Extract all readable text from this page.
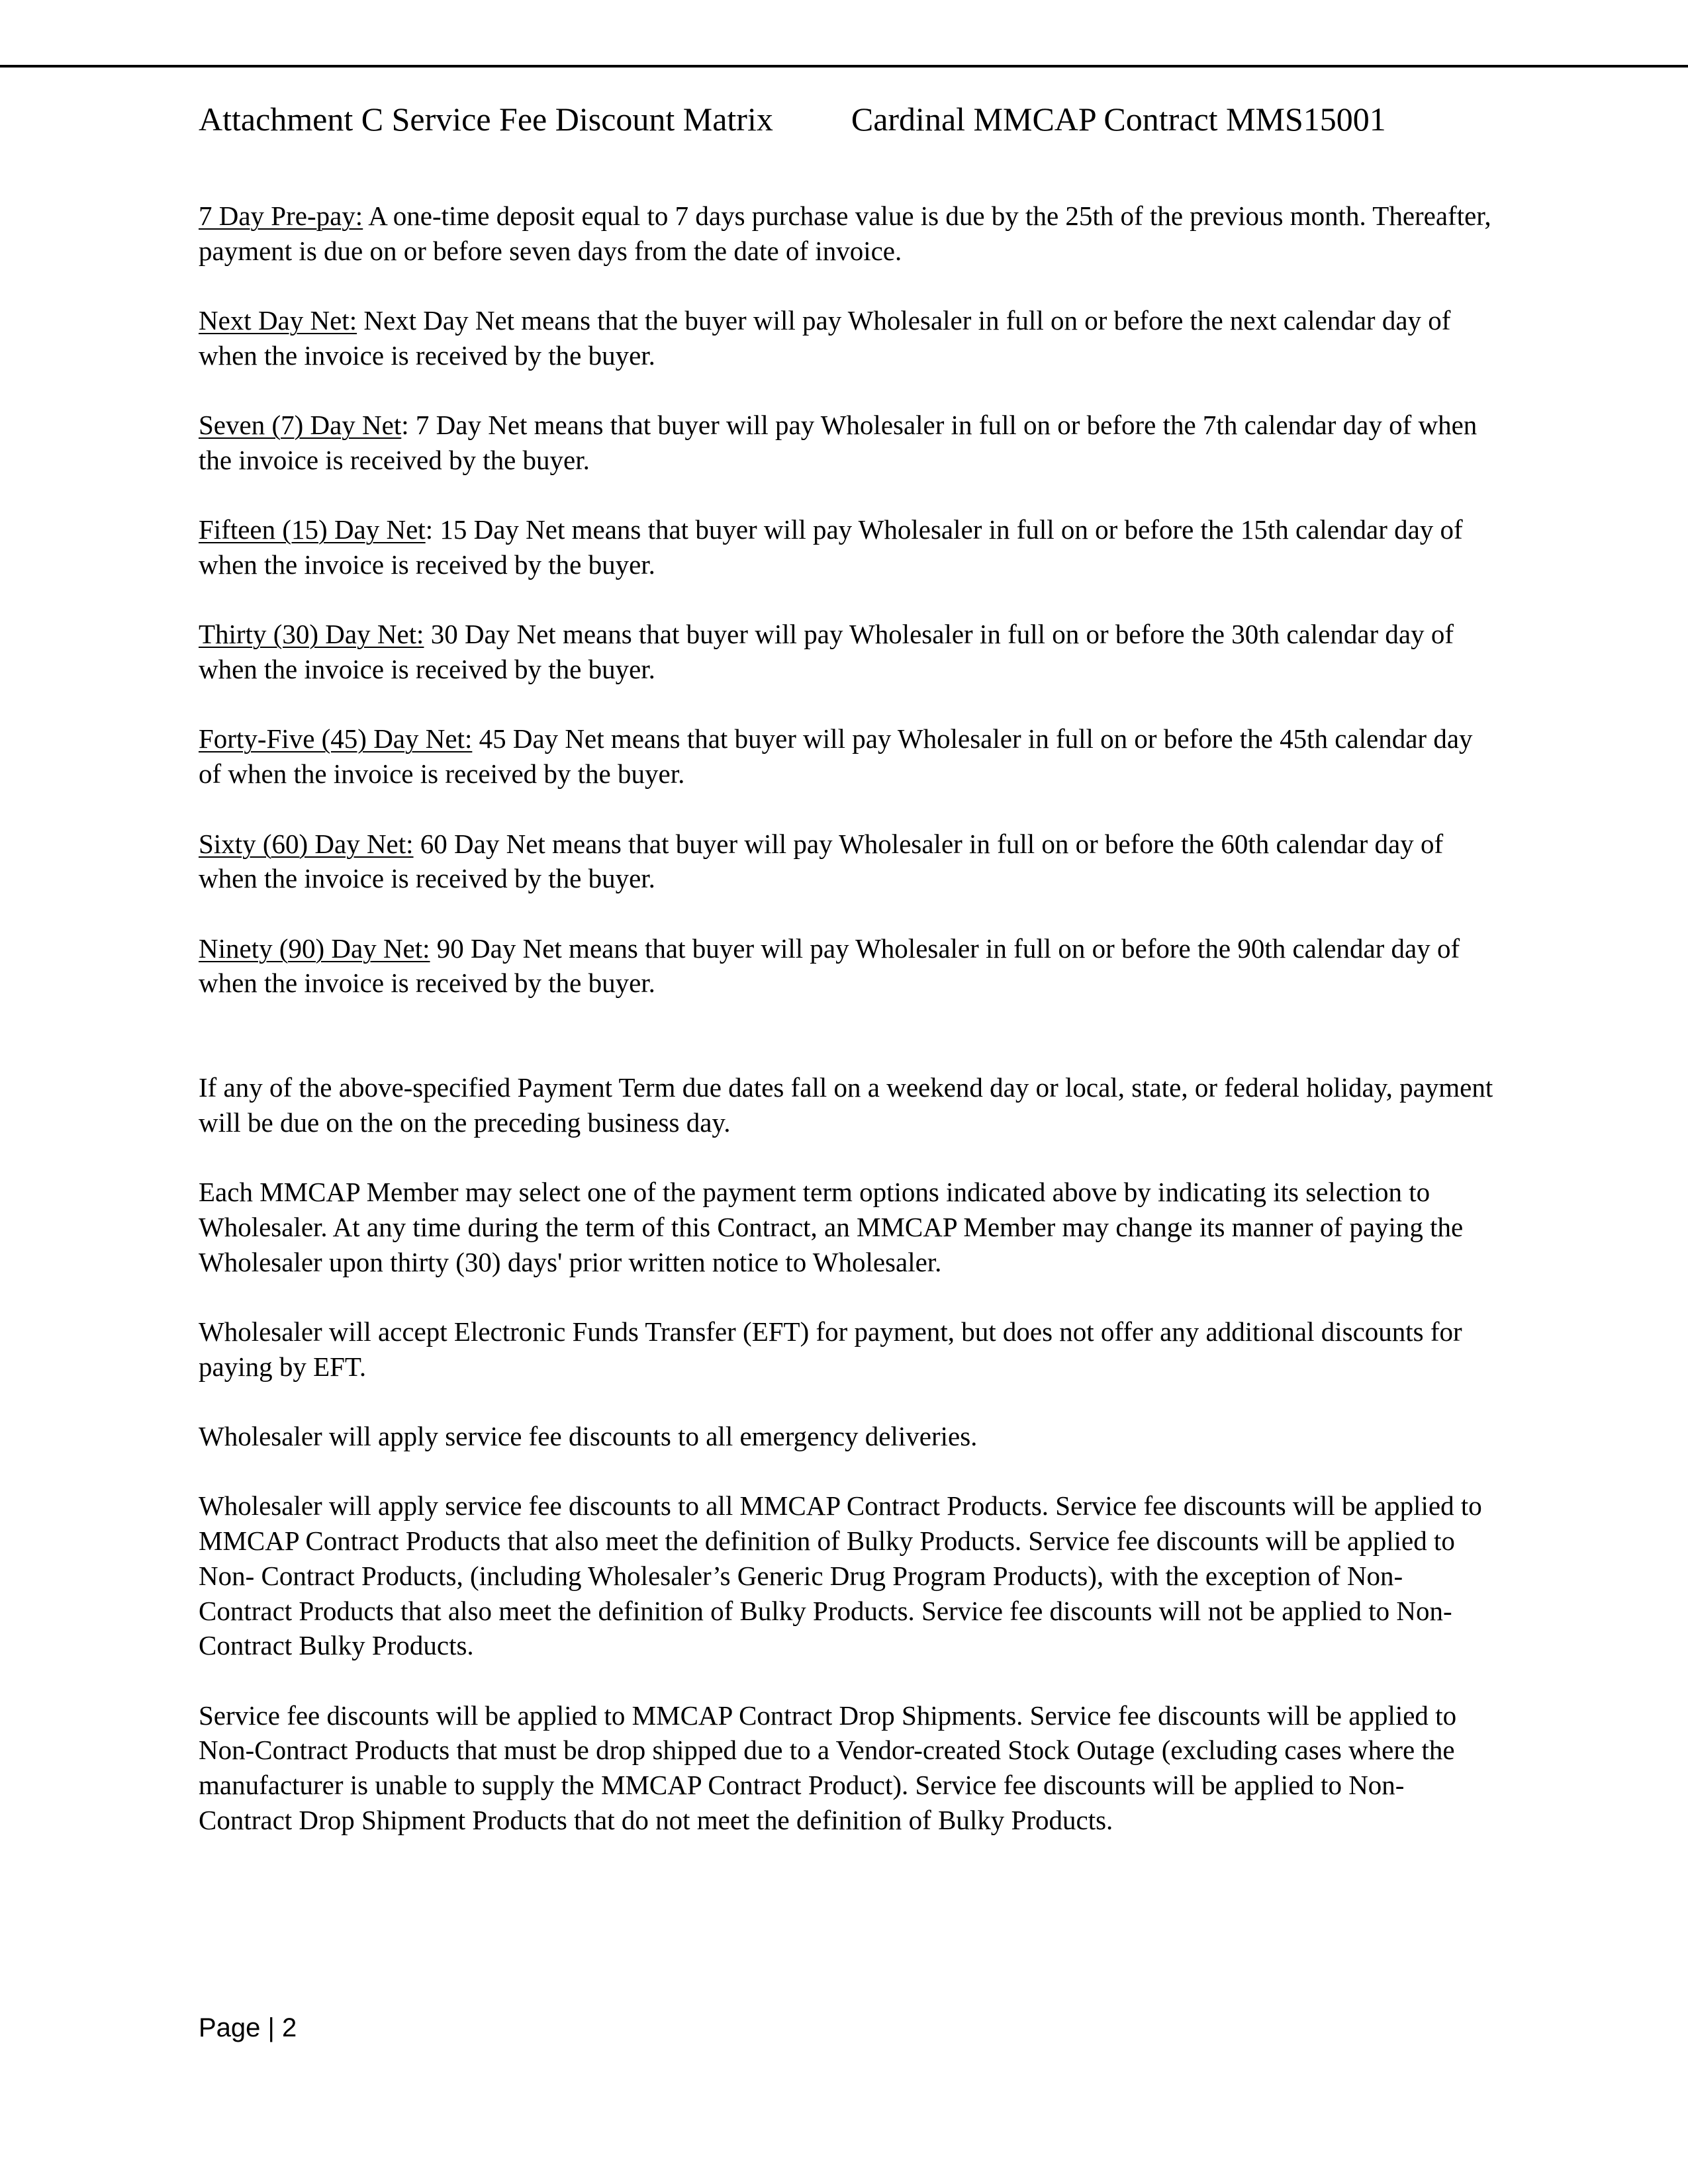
Attachment C Service Fee Discount Matrix Cardinal MMCAP Contract MMS15001

7 Day Pre-pay: A one-time deposit equal to 7 days purchase value is due by the 25th of the previous month. Thereafter, payment is due on or before seven days from the date of invoice.

Next Day Net: Next Day Net means that the buyer will pay Wholesaler in full on or before the next calendar day of when the invoice is received by the buyer.

Seven (7) Day Net: 7 Day Net means that buyer will pay Wholesaler in full on or before the 7th calendar day of when the invoice is received by the buyer.

Fifteen (15) Day Net: 15 Day Net means that buyer will pay Wholesaler in full on or before the 15th calendar day of when the invoice is received by the buyer.

Thirty (30) Day Net: 30 Day Net means that buyer will pay Wholesaler in full on or before the 30th calendar day of when the invoice is received by the buyer.

Forty-Five (45) Day Net: 45 Day Net means that buyer will pay Wholesaler in full on or before the 45th calendar day of when the invoice is received by the buyer.

Sixty (60) Day Net: 60 Day Net means that buyer will pay Wholesaler in full on or before the 60th calendar day of when the invoice is received by the buyer.

Ninety (90) Day Net: 90 Day Net means that buyer will pay Wholesaler in full on or before the 90th calendar day of when the invoice is received by the buyer.

If any of the above-specified Payment Term due dates fall on a weekend day or local, state, or federal holiday, payment will be due on the on the preceding business day.

Each MMCAP Member may select one of the payment term options indicated above by indicating its selection to Wholesaler. At any time during the term of this Contract, an MMCAP Member may change its manner of paying the Wholesaler upon thirty (30) days' prior written notice to Wholesaler.

Wholesaler will accept Electronic Funds Transfer (EFT) for payment, but does not offer any additional discounts for paying by EFT.

Wholesaler will apply service fee discounts to all emergency deliveries.

Wholesaler will apply service fee discounts to all MMCAP Contract Products. Service fee discounts will be applied to MMCAP Contract Products that also meet the definition of Bulky Products. Service fee discounts will be applied to Non- Contract Products, (including Wholesaler’s Generic Drug Program Products), with the exception of Non-Contract Products that also meet the definition of Bulky Products. Service fee discounts will not be applied to Non-Contract Bulky Products.

Service fee discounts will be applied to MMCAP Contract Drop Shipments. Service fee discounts will be applied to Non-Contract Products that must be drop shipped due to a Vendor-created Stock Outage (excluding cases where the manufacturer is unable to supply the MMCAP Contract Product). Service fee discounts will be applied to Non-Contract Drop Shipment Products that do not meet the definition of Bulky Products.

Page | 2
